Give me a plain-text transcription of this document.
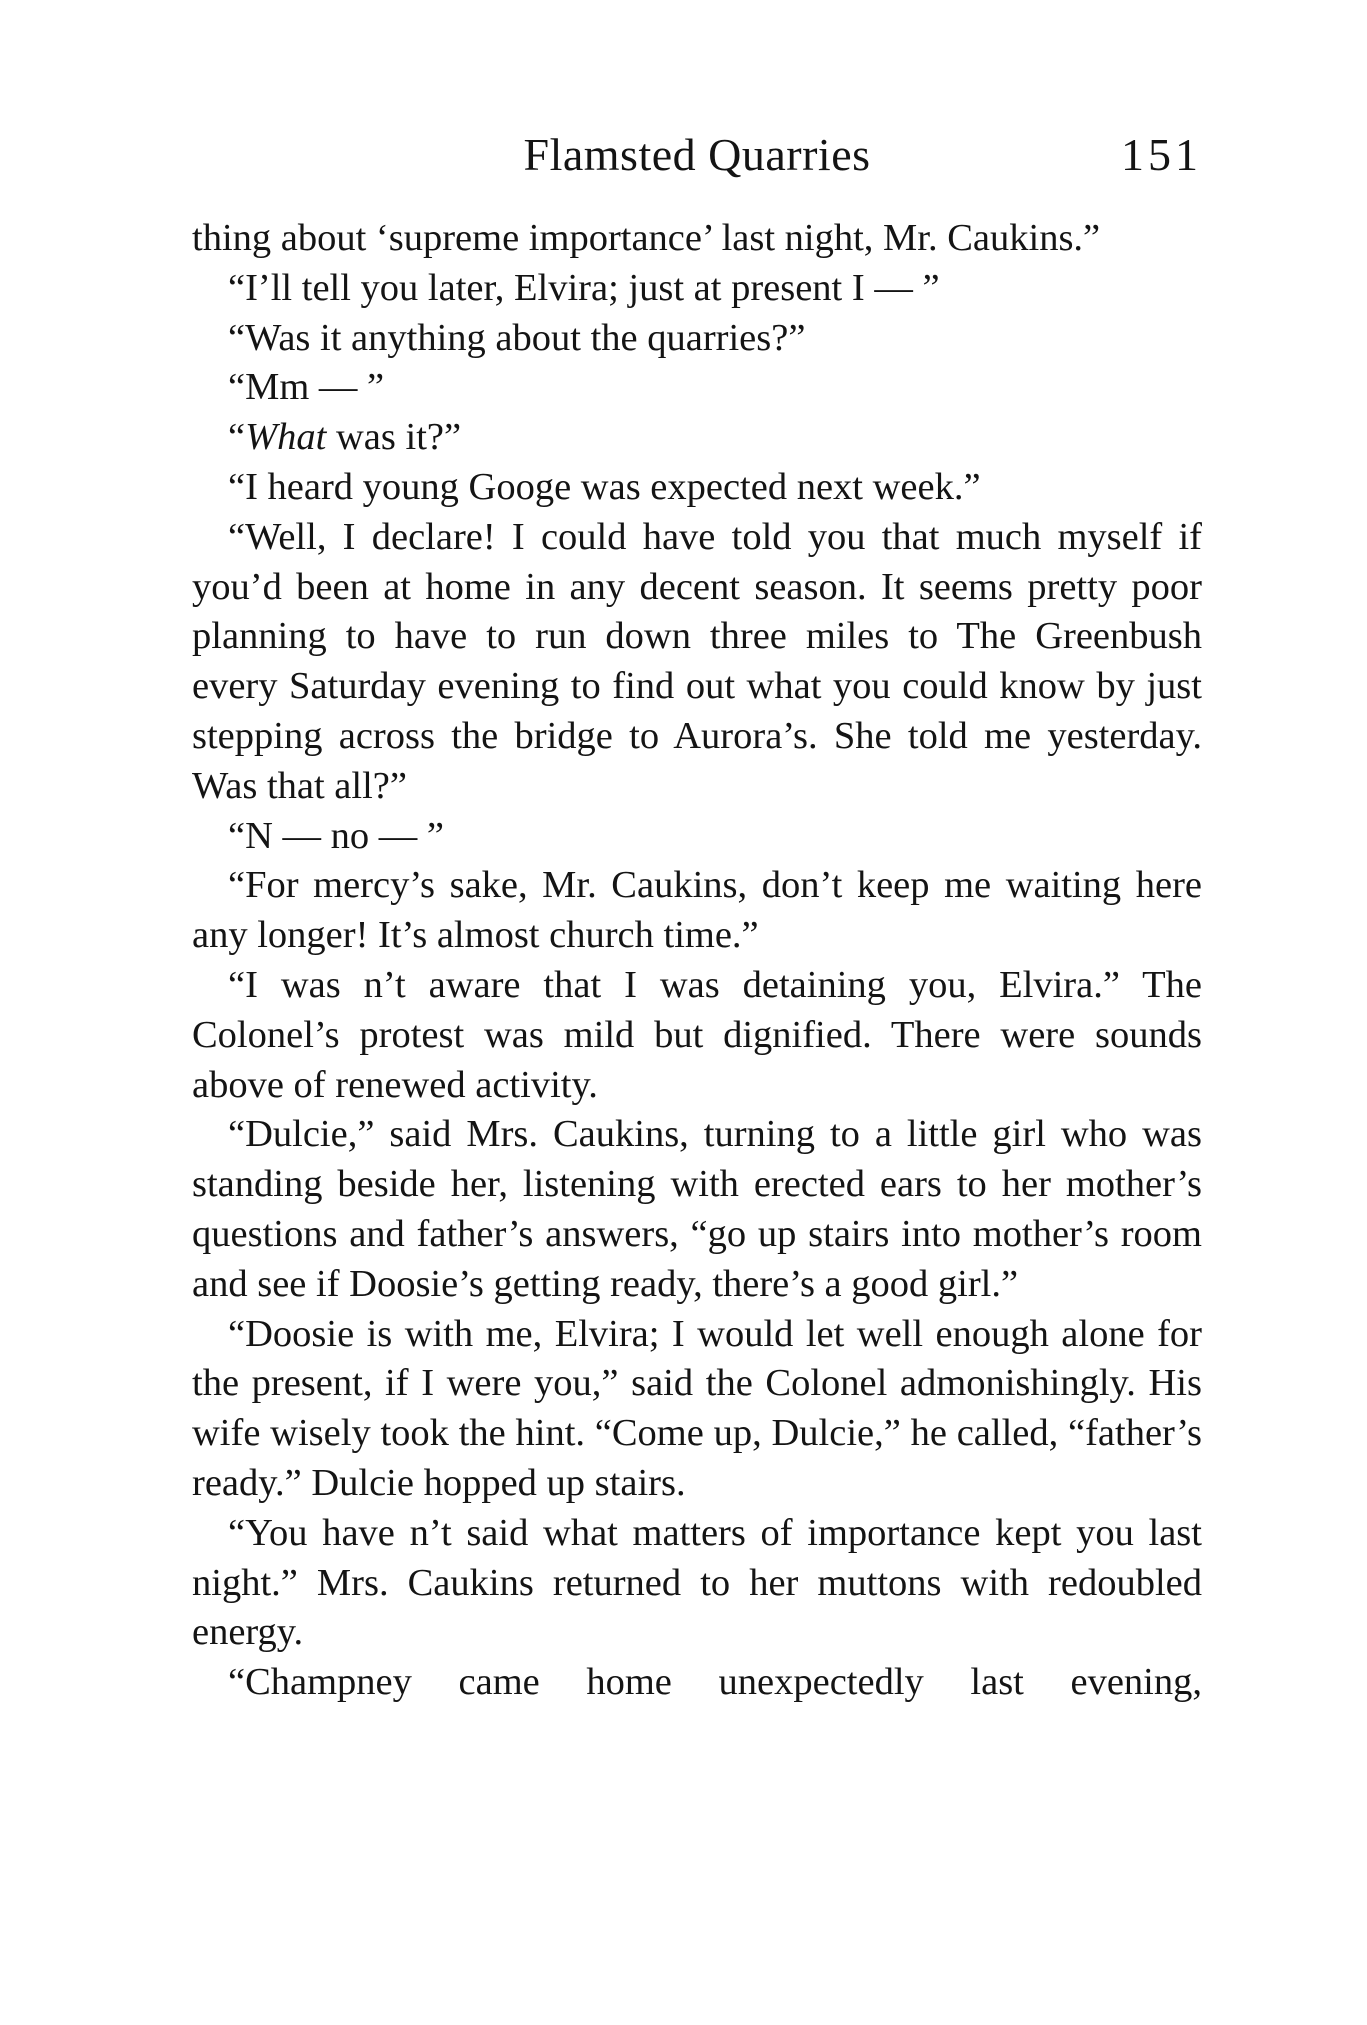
Flamsted Quarries	151

thing about ‘supreme importance’ last night, Mr. Caukins.”

“I’ll tell you later, Elvira; just at present I — ”

“Was it anything about the quarries?”

“Mm — ”

“What was it?”

“I heard young Googe was expected next week.”

“Well, I declare! I could have told you that much myself if you’d been at home in any decent season. It seems pretty poor planning to have to run down three miles to The Greenbush every Saturday evening to find out what you could know by just stepping across the bridge to Aurora’s. She told me yesterday. Was that all?”

“N — no — ”

“For mercy’s sake, Mr. Caukins, don’t keep me waiting here any longer! It’s almost church time.”

“I was n’t aware that I was detaining you, Elvira.” The Colonel’s protest was mild but dignified. There were sounds above of renewed activity.

“Dulcie,” said Mrs. Caukins, turning to a little girl who was standing beside her, listening with erected ears to her mother’s questions and father’s answers, “go up stairs into mother’s room and see if Doosie’s getting ready, there’s a good girl.”

“Doosie is with me, Elvira; I would let well enough alone for the present, if I were you,” said the Colonel admonishingly. His wife wisely took the hint. “Come up, Dulcie,” he called, “father’s ready.” Dulcie hopped up stairs.

“You have n’t said what matters of importance kept you last night.” Mrs. Caukins returned to her muttons with redoubled energy.

“Champney came home unexpectedly last evening,
